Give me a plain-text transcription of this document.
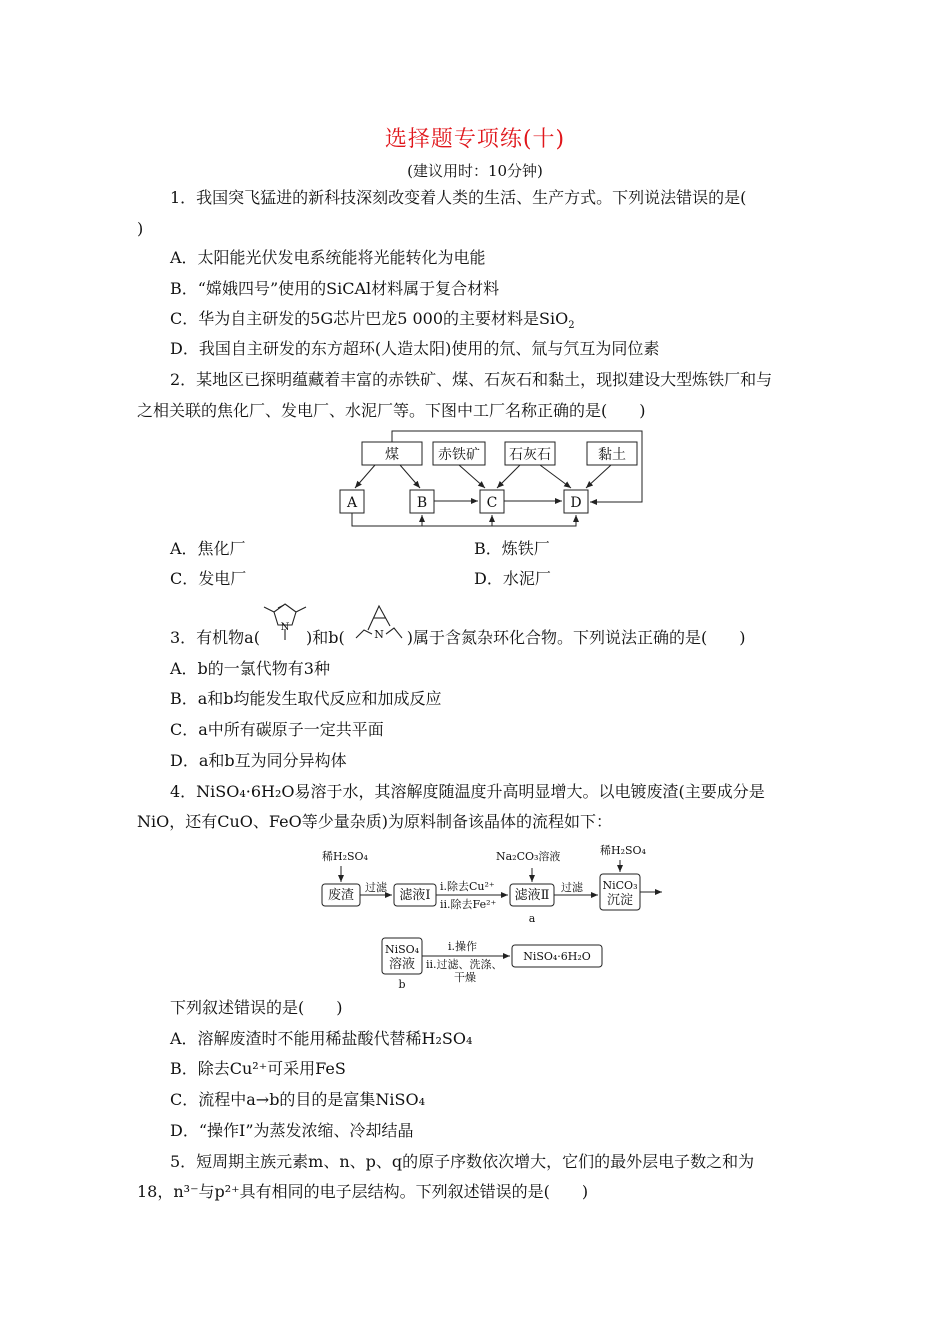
选择题专项练(十)
(建议用时：10分钟)
1．我国突飞猛进的新科技深刻改变着人类的生活、生产方式。下列说法错误的是(
)
A．太阳能光伏发电系统能将光能转化为电能
B．“嫦娥四号”使用的SiCAl材料属于复合材料
C．华为自主研发的5G芯片巴龙5 000的主要材料是SiO$_2$
D．我国自主研发的东方超环(人造太阳)使用的氘、氚与氕互为同位素
2．某地区已探明蕴藏着丰富的赤铁矿、煤、石灰石和黏土，现拟建设大型炼铁厂和与
之相关联的焦化厂、发电厂、水泥厂等。下图中工厂名称正确的是(　　)
煤	赤铁矿 石灰石	黏土
A	B	C	D
A．焦化厂	B．炼铁厂
C．发电厂	D．水泥厂
3．有机物a(	)和b(	)属于含氮杂环化合物。下列说法正确的是(　　)
N
N
A．b的一氯代物有3种
B．a和b均能发生取代反应和加成反应
C．a中所有碳原子一定共平面
D．a和b互为同分异构体
4．NiSO₄·6H₂O易溶于水，其溶解度随温度升高明显增大。以电镀废渣(主要成分是
NiO，还有CuO、FeO等少量杂质)为原料制备该晶体的流程如下：
稀H₂SO₄
废渣
过滤
滤液Ⅰ
ⅰ.除去Cu²⁺
ⅱ.除去Fe²⁺
Na₂CO₃溶液
滤液Ⅱ
a
过滤
稀H₂SO₄
NiCO₃
沉淀
NiSO₄
溶液
b
ⅰ.操作
ⅱ.过滤、洗涤、
干燥
NiSO₄·6H₂O
下列叙述错误的是(　　)
A．溶解废渣时不能用稀盐酸代替稀H₂SO₄
B．除去Cu²⁺可采用FeS
C．流程中a→b的目的是富集NiSO₄
D．“操作Ⅰ”为蒸发浓缩、冷却结晶
5．短周期主族元素m、n、p、q的原子序数依次增大，它们的最外层电子数之和为
18，n³⁻与p²⁺具有相同的电子层结构。下列叙述错误的是(　　)
